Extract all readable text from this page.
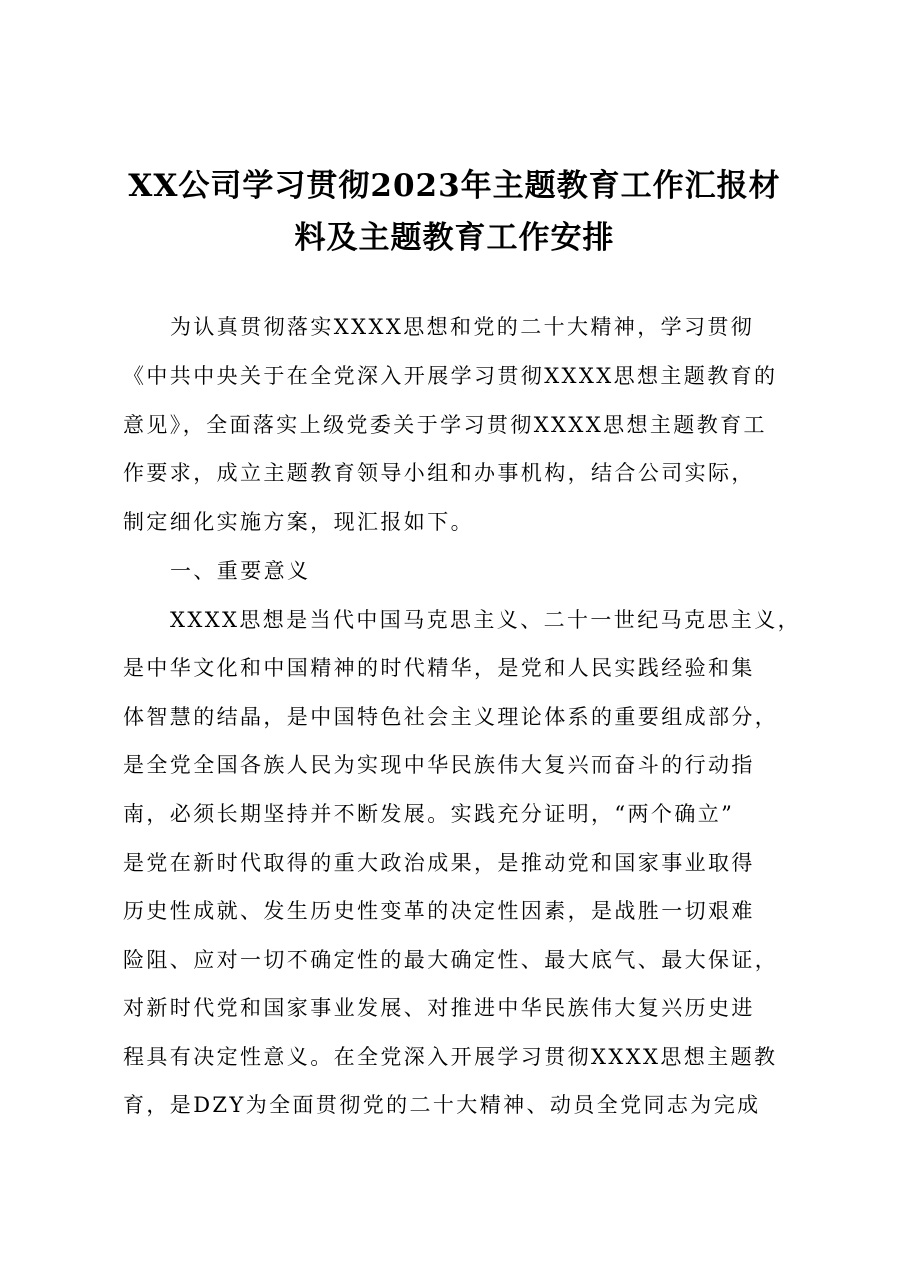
XX公司学习贯彻2023年主题教育工作汇报材
料及主题教育工作安排

为认真贯彻落实XXXX思想和党的二十大精神，学习贯彻

《中共中央关于在全党深入开展学习贯彻XXXX思想主题教育的

意见》，全面落实上级党委关于学习贯彻XXXX思想主题教育工

作要求，成立主题教育领导小组和办事机构，结合公司实际，

制定细化实施方案，现汇报如下。

一、重要意义

XXXX思想是当代中国马克思主义、二十一世纪马克思主义，

是中华文化和中国精神的时代精华，是党和人民实践经验和集

体智慧的结晶，是中国特色社会主义理论体系的重要组成部分，

是全党全国各族人民为实现中华民族伟大复兴而奋斗的行动指

南，必须长期坚持并不断发展。实践充分证明，“两个确立”

是党在新时代取得的重大政治成果，是推动党和国家事业取得

历史性成就、发生历史性变革的决定性因素，是战胜一切艰难

险阻、应对一切不确定性的最大确定性、最大底气、最大保证，

对新时代党和国家事业发展、对推进中华民族伟大复兴历史进

程具有决定性意义。在全党深入开展学习贯彻XXXX思想主题教

育，是DZY为全面贯彻党的二十大精神、动员全党同志为完成
